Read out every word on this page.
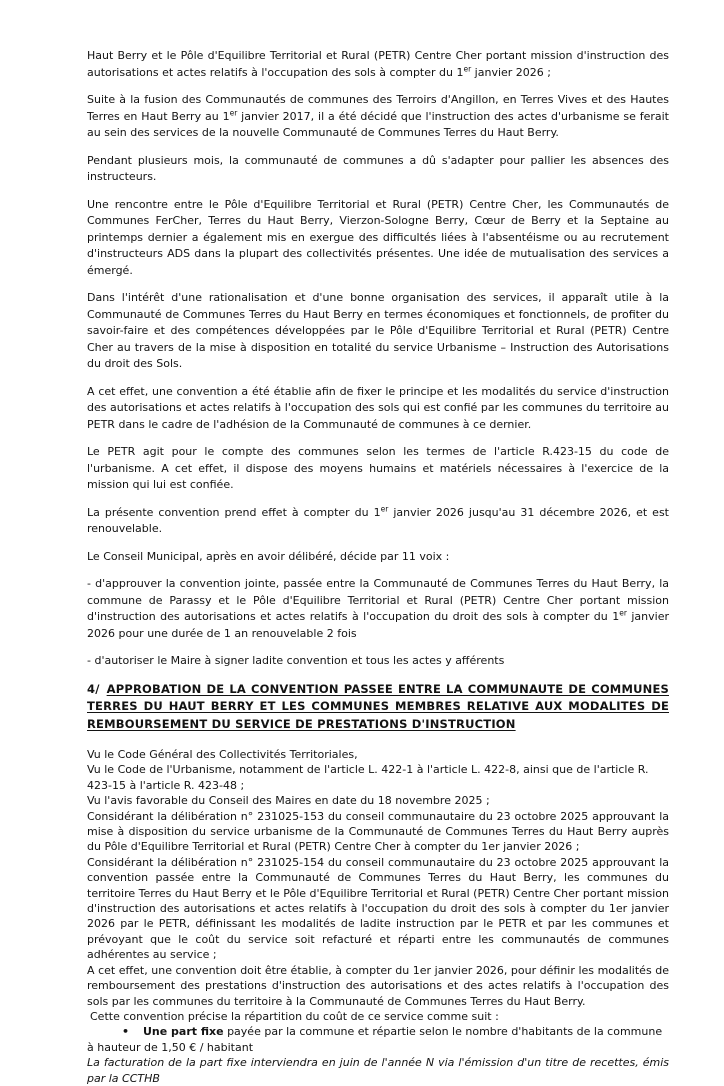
Haut Berry et le Pôle d'Equilibre Territorial et Rural (PETR) Centre Cher portant mission d'instruction des autorisations et actes relatifs à l'occupation des sols à compter du 1er janvier 2026 ;

Suite à la fusion des Communautés de communes des Terroirs d'Angillon, en Terres Vives et des Hautes Terres en Haut Berry au 1er janvier 2017, il a été décidé que l'instruction des actes d'urbanisme se ferait au sein des services de la nouvelle Communauté de Communes Terres du Haut Berry.

Pendant plusieurs mois, la communauté de communes a dû s'adapter pour pallier les absences des instructeurs.

Une rencontre entre le Pôle d'Equilibre Territorial et Rural (PETR) Centre Cher, les Communautés de Communes FerCher, Terres du Haut Berry, Vierzon-Sologne Berry, Cœur de Berry et la Septaine au printemps dernier a également mis en exergue des difficultés liées à l'absentéisme ou au recrutement d'instructeurs ADS dans la plupart des collectivités présentes. Une idée de mutualisation des services a émergé.

Dans l'intérêt d'une rationalisation et d'une bonne organisation des services, il apparaît utile à la Communauté de Communes Terres du Haut Berry en termes économiques et fonctionnels, de profiter du savoir-faire et des compétences développées par le Pôle d'Equilibre Territorial et Rural (PETR) Centre Cher au travers de la mise à disposition en totalité du service Urbanisme – Instruction des Autorisations du droit des Sols.

A cet effet, une convention a été établie afin de fixer le principe et les modalités du service d'instruction des autorisations et actes relatifs à l'occupation des sols qui est confié par les communes du territoire au PETR dans le cadre de l'adhésion de la Communauté de communes à ce dernier.

Le PETR agit pour le compte des communes selon les termes de l'article R.423-15 du code de l'urbanisme. A cet effet, il dispose des moyens humains et matériels nécessaires à l'exercice de la mission qui lui est confiée.

La présente convention prend effet à compter du 1er janvier 2026 jusqu'au 31 décembre 2026, et est renouvelable.

Le Conseil Municipal, après en avoir délibéré, décide par 11 voix :

- d'approuver la convention jointe, passée entre la Communauté de Communes Terres du Haut Berry, la commune de Parassy et le Pôle d'Equilibre Territorial et Rural (PETR) Centre Cher portant mission d'instruction des autorisations et actes relatifs à l'occupation du droit des sols à compter du 1er janvier 2026 pour une durée de 1 an renouvelable 2 fois

- d'autoriser le Maire à signer ladite convention et tous les actes y afférents

4/ APPROBATION DE LA CONVENTION PASSEE ENTRE LA COMMUNAUTE DE COMMUNES TERRES DU HAUT BERRY ET LES COMMUNES MEMBRES RELATIVE AUX MODALITES DE REMBOURSEMENT DU SERVICE DE PRESTATIONS D'INSTRUCTION

Vu le Code Général des Collectivités Territoriales,
Vu le Code de l'Urbanisme, notamment de l'article L. 422-1 à l'article L. 422-8, ainsi que de l'article R.
423-15 à l'article R. 423-48 ;
Vu l'avis favorable du Conseil des Maires en date du 18 novembre 2025 ;
Considérant la délibération n° 231025-153 du conseil communautaire du 23 octobre 2025 approuvant la mise à disposition du service urbanisme de la Communauté de Communes Terres du Haut Berry auprès du Pôle d'Equilibre Territorial et Rural (PETR) Centre Cher à compter du 1er janvier 2026 ;
Considérant la délibération n° 231025-154 du conseil communautaire du 23 octobre 2025 approuvant la convention passée entre la Communauté de Communes Terres du Haut Berry, les communes du territoire Terres du Haut Berry et le Pôle d'Equilibre Territorial et Rural (PETR) Centre Cher portant mission d'instruction des autorisations et actes relatifs à l'occupation du droit des sols à compter du 1er janvier 2026 par le PETR, définissant les modalités de ladite instruction par le PETR et par les communes et prévoyant que le coût du service soit refacturé et réparti entre les communautés de communes adhérentes au service ;
A cet effet, une convention doit être établie, à compter du 1er janvier 2026, pour définir les modalités de remboursement des prestations d'instruction des autorisations et des actes relatifs à l'occupation des sols par les communes du territoire à la Communauté de Communes Terres du Haut Berry.
Cette convention précise la répartition du coût de ce service comme suit :
• Une part fixe payée par la commune et répartie selon le nombre d'habitants de la commune
à hauteur de 1,50 € / habitant

La facturation de la part fixe interviendra en juin de l'année N via l'émission d'un titre de recettes, émis par la CCTHB
